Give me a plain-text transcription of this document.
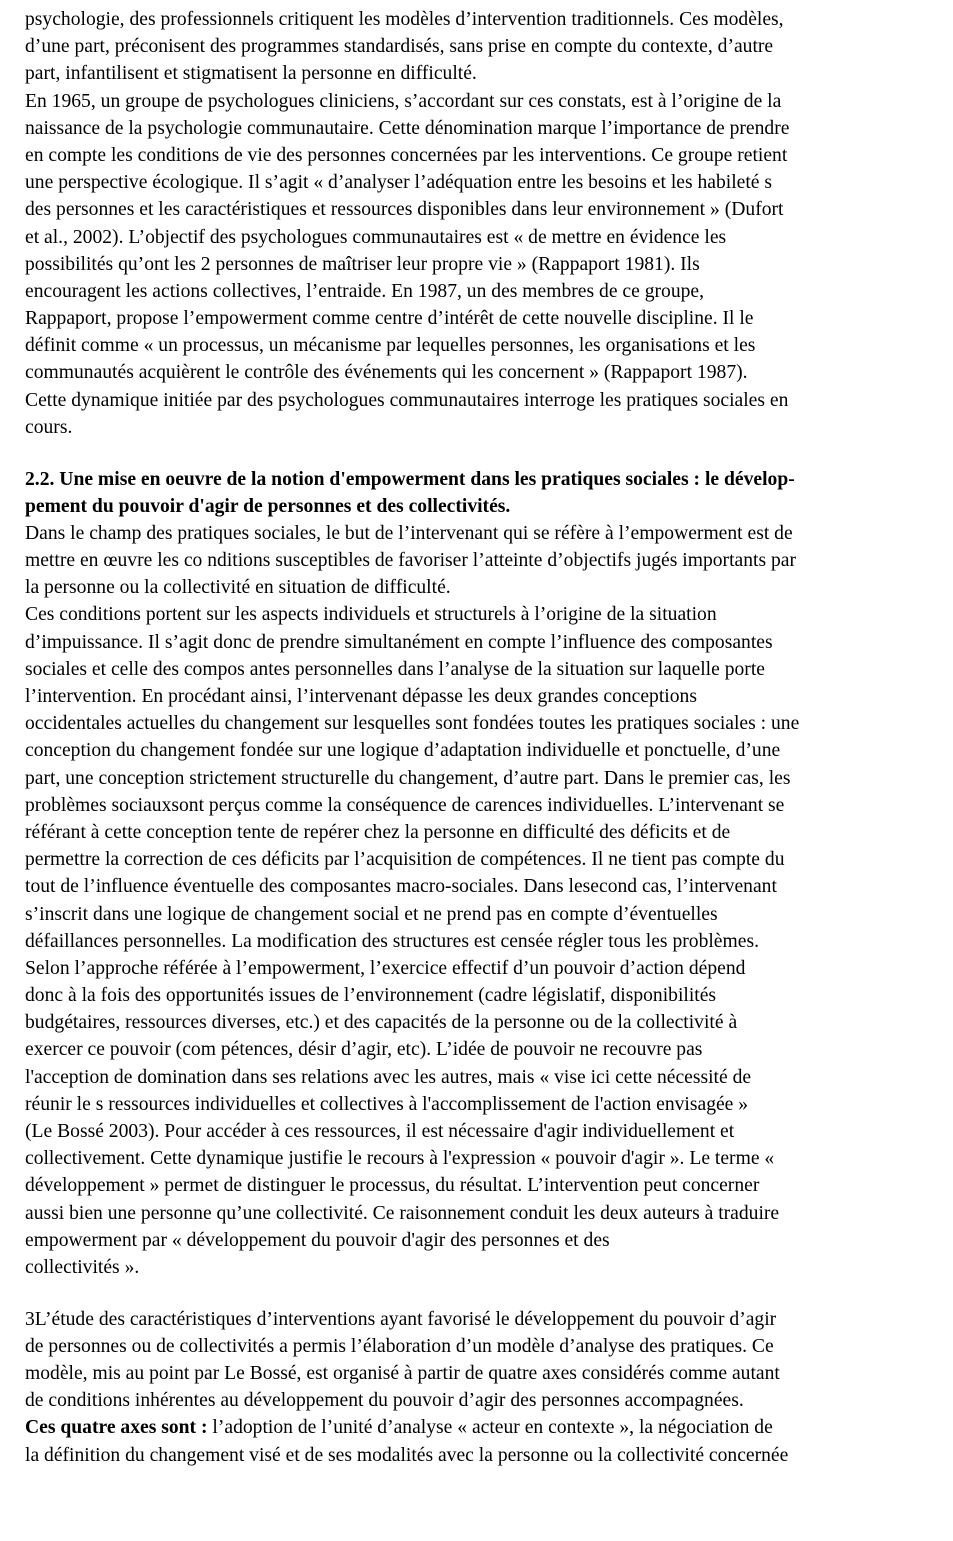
psychologie, des professionnels critiquent les modèles d’intervention traditionnels. Ces modèles,
d’une part, préconisent des programmes standardisés, sans prise en compte du contexte, d’autre
part, infantilisent et stigmatisent la personne en difficulté.
En 1965, un groupe de psychologues cliniciens, s’accordant sur ces constats, est à l’origine de la
naissance de la psychologie communautaire. Cette dénomination marque l’importance de prendre
en compte les conditions de vie des personnes concernées par les interventions. Ce groupe retient
une perspective écologique. Il s’agit « d’analyser l’adéquation entre les besoins et les habileté s
des personnes et les caractéristiques et ressources disponibles dans leur environnement » (Dufort
et al., 2002). L’objectif des psychologues communautaires est « de mettre en évidence les
possibilités qu’ont les 2 personnes de maîtriser leur propre vie » (Rappaport 1981). Ils
encouragent les actions collectives, l’entraide. En 1987, un des membres de ce groupe,
Rappaport, propose l’empowerment comme centre d’intérêt de cette nouvelle discipline. Il le
définit comme « un processus, un mécanisme par lequelles personnes, les organisations et les
communautés acquièrent le contrôle des événements qui les concernent » (Rappaport 1987).
Cette dynamique initiée par des psychologues communautaires interroge les pratiques sociales en
cours.
2.2. Une mise en oeuvre de la notion d'empowerment dans les pratiques sociales : le dévelop-
pement du pouvoir d'agir de personnes et des collectivités.
Dans le champ des pratiques sociales, le but de l’intervenant qui se réfère à l’empowerment est de
mettre en œuvre les co nditions susceptibles de favoriser l’atteinte d’objectifs jugés importants par
la personne ou la collectivité en situation de difficulté.
Ces conditions portent sur les aspects individuels et structurels à l’origine de la situation
d’impuissance. Il s’agit donc de prendre simultanément en compte l’influence des composantes
sociales et celle des compos antes personnelles dans l’analyse de la situation sur laquelle porte
l’intervention. En procédant ainsi, l’intervenant dépasse les deux grandes conceptions
occidentales actuelles du changement sur lesquelles sont fondées toutes les pratiques sociales : une
conception du changement fondée sur une logique d’adaptation individuelle et ponctuelle, d’une
part, une conception strictement structurelle du changement, d’autre part. Dans le premier cas, les
problèmes sociauxsont perçus comme la conséquence de carences individuelles. L’intervenant se
référant à cette conception tente de repérer chez la personne en difficulté des déficits et de
permettre la correction de ces déficits par l’acquisition de compétences. Il ne tient pas compte du
tout de l’influence éventuelle des composantes macro-sociales. Dans lesecond cas, l’intervenant
s’inscrit dans une logique de changement social et ne prend pas en compte d’éventuelles
défaillances personnelles. La modification des structures est censée régler tous les problèmes.
Selon l’approche référée à l’empowerment, l’exercice effectif d’un pouvoir d’action dépend
donc à la fois des opportunités issues de l’environnement (cadre législatif, disponibilités
budgétaires, ressources diverses, etc.) et des capacités de la personne ou de la collectivité à
exercer ce pouvoir (com pétences, désir d’agir, etc). L’idée de pouvoir ne recouvre pas
l'acception de domination dans ses relations avec les autres, mais « vise ici cette nécessité de
réunir le s ressources individuelles et collectives à l'accomplissement de l'action envisagée »
(Le Bossé 2003). Pour accéder à ces ressources, il est nécessaire d'agir individuellement et
collectivement. Cette dynamique justifie le recours à l'expression « pouvoir d'agir ». Le terme «
développement » permet de distinguer le processus, du résultat. L’intervention peut concerner
aussi bien une personne qu’une collectivité. Ce raisonnement conduit les deux auteurs à traduire
empowerment par « développement du pouvoir d'agir des personnes et des
collectivités ».
3L’étude des caractéristiques d’interventions ayant favorisé le développement du pouvoir d’agir
de personnes ou de collectivités a permis l’élaboration d’un modèle d’analyse des pratiques. Ce
modèle, mis au point par Le Bossé, est organisé à partir de quatre axes considérés comme autant
de conditions inhérentes au développement du pouvoir d’agir des personnes accompagnées.
Ces quatre axes sont : l’adoption de l’unité d’analyse « acteur en contexte », la négociation de
la définition du changement visé et de ses modalités avec la personne ou la collectivité concernée
